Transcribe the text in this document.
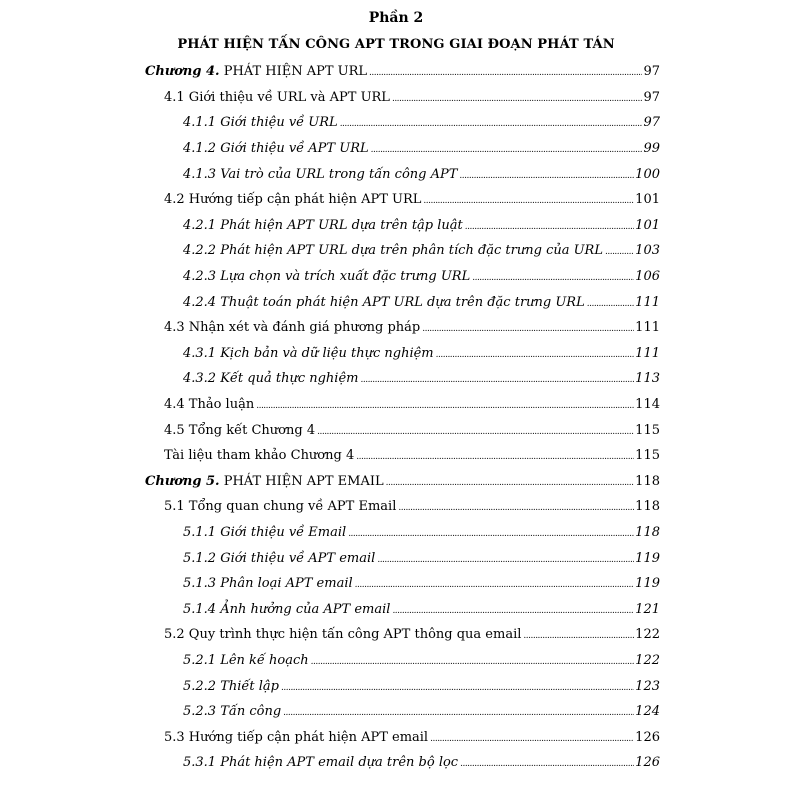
Phần 2
PHÁT HIỆN TẤN CÔNG APT TRONG GIAI ĐOẠN PHÁT TÁN
Chương 4. PHÁT HIỆN APT URL .....	97
4.1 Giới thiệu về URL và APT URL .....	97
4.1.1 Giới thiệu về URL .....	97
4.1.2 Giới thiệu về APT URL .....	99
4.1.3 Vai trò của URL trong tấn công APT .....	100
4.2 Hướng tiếp cận phát hiện APT URL .....	101
4.2.1 Phát hiện APT URL dựa trên tập luật .....	101
4.2.2 Phát hiện APT URL dựa trên phân tích đặc trưng của URL ..... 103
4.2.3 Lựa chọn và trích xuất đặc trưng URL .....	106
4.2.4 Thuật toán phát hiện APT URL dựa trên đặc trưng URL .....	111
4.3 Nhận xét và đánh giá phương pháp .....	111
4.3.1 Kịch bản và dữ liệu thực nghiệm .....	111
4.3.2 Kết quả thực nghiệm .....	113
4.4 Thảo luận .....	114
4.5 Tổng kết Chương 4 .....	115
Tài liệu tham khảo Chương 4 .....	115
Chương 5. PHÁT HIỆN APT EMAIL .....	118
5.1 Tổng quan chung về APT Email .....	118
5.1.1 Giới thiệu về Email .....	118
5.1.2 Giới thiệu về APT email .....	119
5.1.3 Phân loại APT email .....	119
5.1.4 Ảnh hưởng của APT email .....	121
5.2 Quy trình thực hiện tấn công APT thông qua email .....	122
5.2.1 Lên kế hoạch .....	122
5.2.2 Thiết lập .....	123
5.2.3 Tấn công .....	124
5.3 Hướng tiếp cận phát hiện APT email .....	126
5.3.1 Phát hiện APT email dựa trên bộ lọc .....	126
